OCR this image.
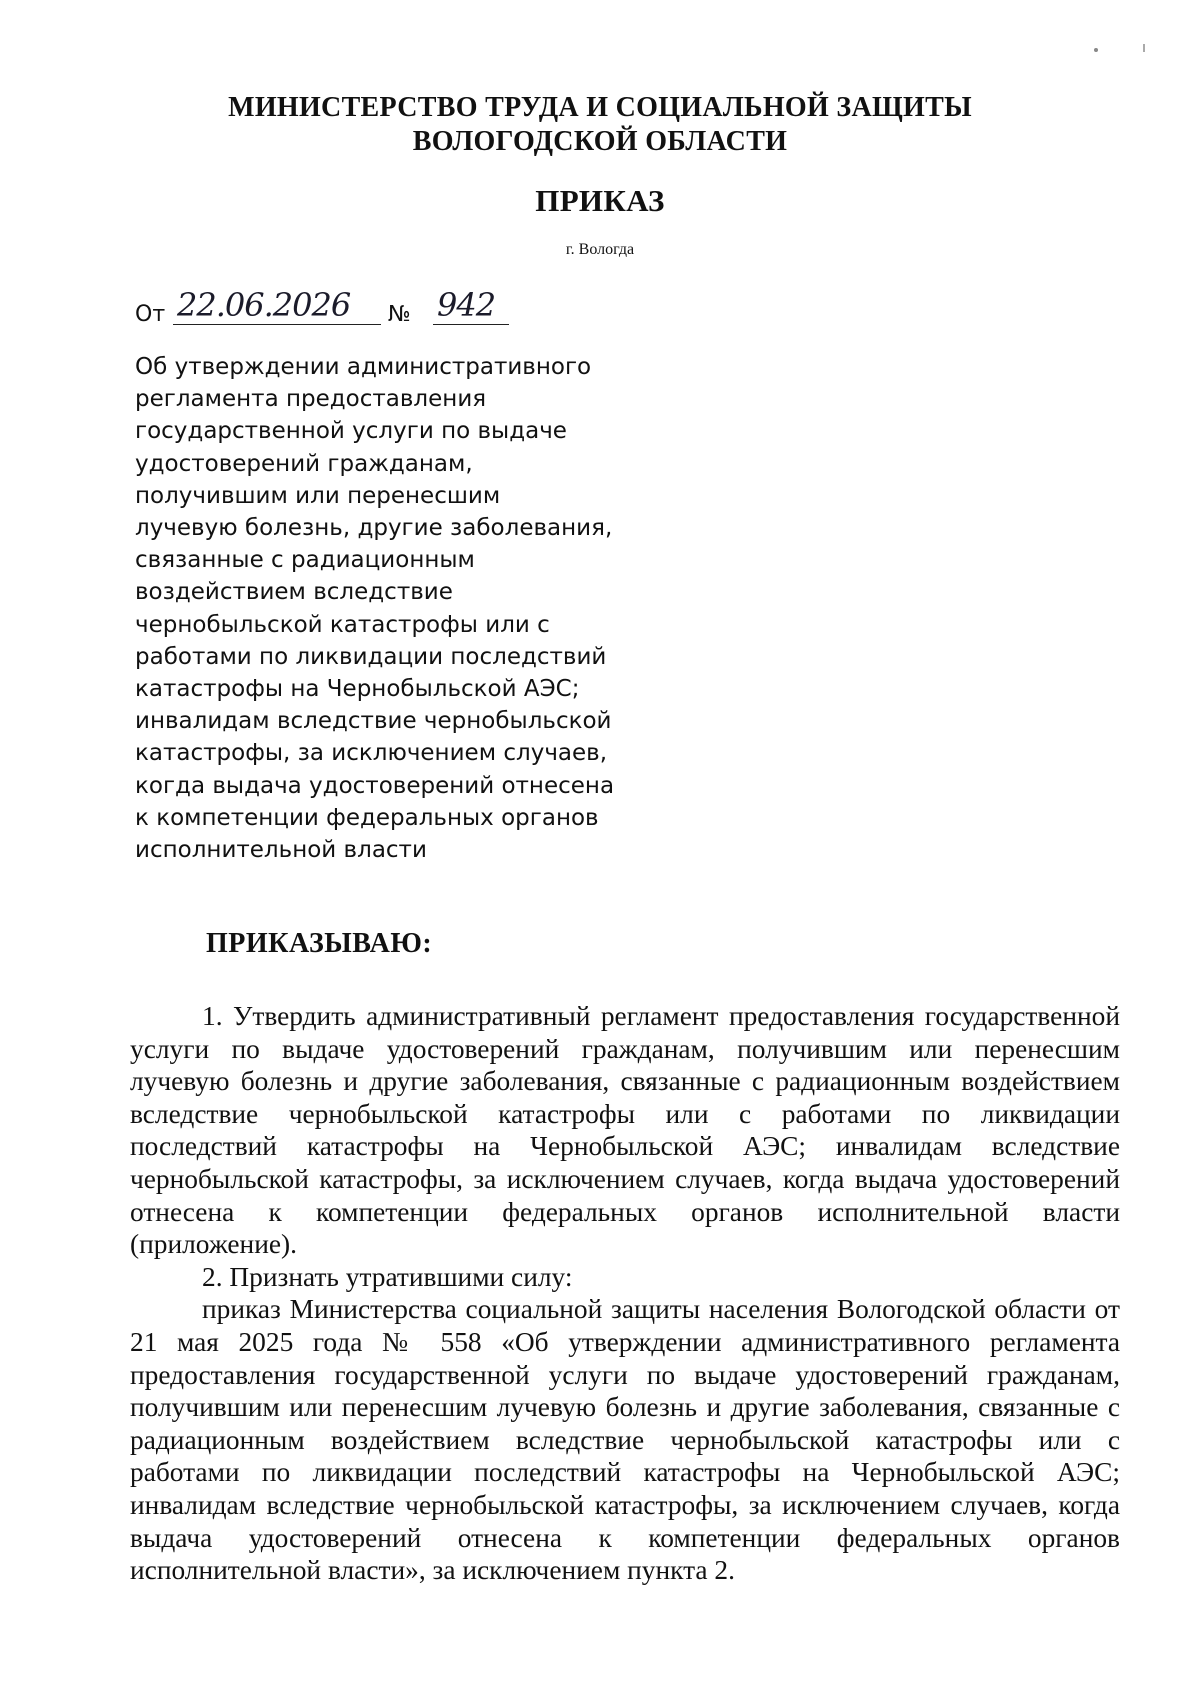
МИНИСТЕРСТВО ТРУДА И СОЦИАЛЬНОЙ ЗАЩИТЫ
ВОЛОГОДСКОЙ ОБЛАСТИ
ПРИКАЗ
г. Вологда
От 22.06.2026 № 942
Об утверждении административного
регламента предоставления
государственной услуги по выдаче
удостоверений гражданам,
получившим или перенесшим
лучевую болезнь, другие заболевания,
связанные с радиационным
воздействием вследствие
чернобыльской катастрофы или с
работами по ликвидации последствий
катастрофы на Чернобыльской АЭС;
инвалидам вследствие чернобыльской
катастрофы, за исключением случаев,
когда выдача удостоверений отнесена
к компетенции федеральных органов
исполнительной власти
ПРИКАЗЫВАЮ:
1. Утвердить административный регламент предоставления государственной
услуги по выдаче удостоверений гражданам, получившим или перенесшим
лучевую болезнь и другие заболевания, связанные с радиационным воздействием
вследствие чернобыльской катастрофы или с работами по ликвидации
последствий катастрофы на Чернобыльской АЭС; инвалидам вследствие
чернобыльской катастрофы, за исключением случаев, когда выдача удостоверений
отнесена к компетенции федеральных органов исполнительной власти
(приложение).
2. Признать утратившими силу:
приказ Министерства социальной защиты населения Вологодской области от
21 мая 2025 года № 558 «Об утверждении административного регламента
предоставления государственной услуги по выдаче удостоверений гражданам,
получившим или перенесшим лучевую болезнь и другие заболевания, связанные с
радиационным воздействием вследствие чернобыльской катастрофы или с
работами по ликвидации последствий катастрофы на Чернобыльской АЭС;
инвалидам вследствие чернобыльской катастрофы, за исключением случаев, когда
выдача удостоверений отнесена к компетенции федеральных органов
исполнительной власти», за исключением пункта 2.
